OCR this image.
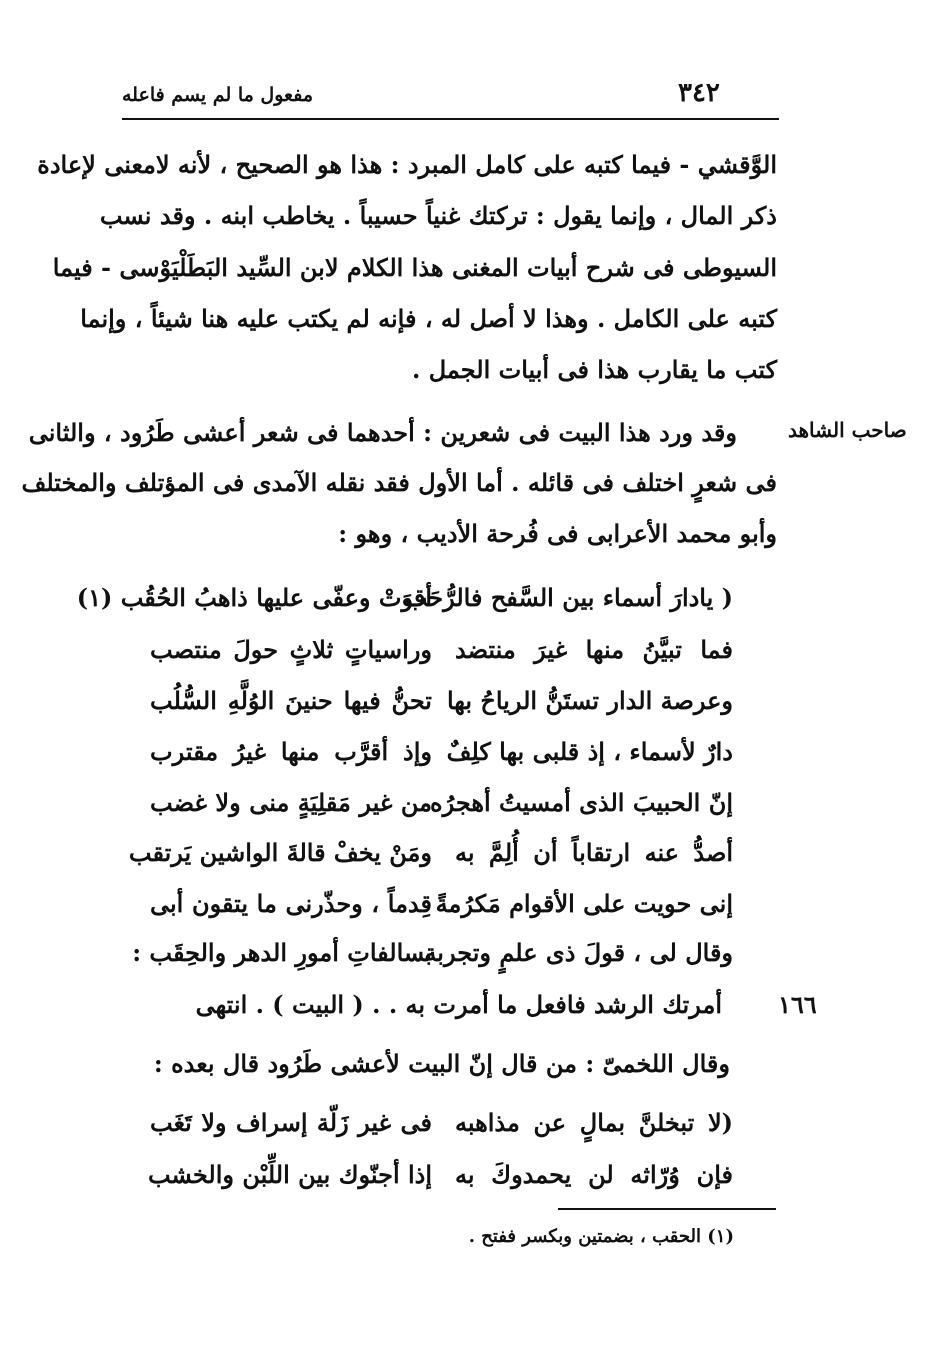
٣٤٢
مفعول ما لم يسم فاعله
الوَّقشي - فيما كتبه على كامل المبرد : هذا هو الصحيح ، لأنه لامعنى لإعادة
ذكر المال ، وإنما يقول : تركتك غنياً حسيباً . يخاطب ابنه . وقد نسب
السيوطى فى شرح أبيات المغنى هذا الكلام لابن السِّيد البَطَلْيَوْسى - فيما
كتبه على الكامل . وهذا لا أصل له ، فإنه لم يكتب عليه هنا شيئاً ، وإنما
كتب ما يقارب هذا فى أبيات الجمل .
صاحب الشاهد
وقد ورد هذا البيت فى شعرين : أحدهما فى شعر أعشى طَرُود ، والثانى
فى شعرٍ اختلف فى قائله . أما الأول فقد نقله الآمدى فى المؤتلف والمختلف
وأبو محمد الأعرابى فى فُرحة الأديب ، وهو :
( يادارَ أسماء بين السَّفح فالرُّحَب
أقوَتْ وعفّى عليها ذاهبُ الحُقُب (١)
فما تبيَّنُ منها غيرَ منتضد
وراسياتٍ ثلاثٍ حولَ منتصب
وعرصة الدار تستَنُّ الرياحُ بها
تحنُّ فيها حنينَ الوُلَّهِ السُّلُب
دارٌ لأسماء ، إذ قلبى بها كلِفٌ
وإذ أقرَّب منها غيرُ مقترب
إنّ الحبيبَ الذى أمسيتُ أهجرُه
من غير مَقلِيَةٍ منى ولا غضب
أصدُّ عنه ارتقاباً أن أُلِمَّ به
ومَنْ يخفْ قالةَ الواشين يَرتقب
إنى حويت على الأقوام مَكرُمةً
قِدماً ، وحذّرنى ما يتقون أبى
وقال لى ، قولَ ذى علمٍ وتجربة
بسالفاتِ أمورِ الدهر والحِقَب :
١٦٦
أمرتك الرشد فافعل ما أمرت به . . ( البيت ) . انتهى
وقال اللخمىّ : من قال إنّ البيت لأعشى طَرُود قال بعده :
(لا تبخلنَّ بمالٍ عن مذاهبه
فى غير زَلّة إسراف ولا تَغَب
فإن وُرّاثه لن يحمدوكَ به
إذا أجنّوك بين اللِّبْن والخشب
(١) الحقب ، بضمتين وبكسر ففتح .
